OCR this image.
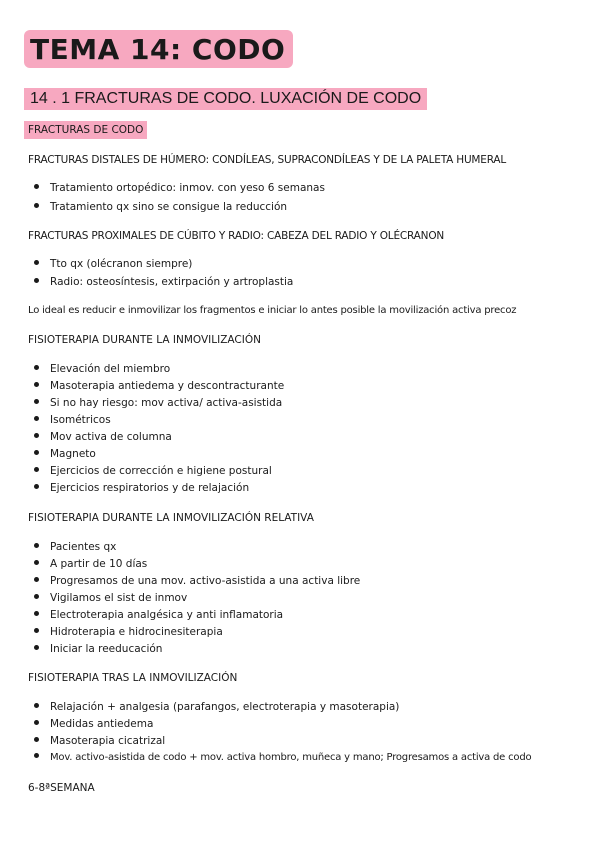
TEMA 14: CODO
14 . 1 FRACTURAS DE CODO. LUXACIÓN DE CODO
FRACTURAS DE CODO
FRACTURAS DISTALES DE HÚMERO: CONDÍLEAS, SUPRACONDÍLEAS Y DE LA PALETA HUMERAL
Tratamiento ortopédico: inmov. con yeso 6 semanas
Tratamiento qx sino se consigue la reducción
FRACTURAS PROXIMALES DE CÚBITO Y RADIO: CABEZA DEL RADIO Y OLÉCRANON
Tto qx (olécranon siempre)
Radio: osteosíntesis, extirpación y artroplastia
Lo ideal es reducir e inmovilizar los fragmentos e iniciar lo antes posible la movilización activa precoz
FISIOTERAPIA DURANTE LA INMOVILIZACIÓN
Elevación del miembro
Masoterapia antiedema y descontracturante
Si no hay riesgo: mov activa/ activa-asistida
Isométricos
Mov activa de columna
Magneto
Ejercicios de corrección e higiene postural
Ejercicios respiratorios y de relajación
FISIOTERAPIA DURANTE LA INMOVILIZACIÓN RELATIVA
Pacientes qx
A partir de 10 días
Progresamos de una mov. activo-asistida a una activa libre
Vigilamos el sist de inmov
Electroterapia analgésica y anti inflamatoria
Hidroterapia e hidrocinesiterapia
Iniciar la reeducación
FISIOTERAPIA TRAS LA INMOVILIZACIÓN
Relajación + analgesia (parafangos, electroterapia y masoterapia)
Medidas antiedema
Masoterapia cicatrizal
Mov. activo-asistida de codo + mov. activa hombro, muñeca y mano; Progresamos a activa de codo
6-8ªSEMANA
